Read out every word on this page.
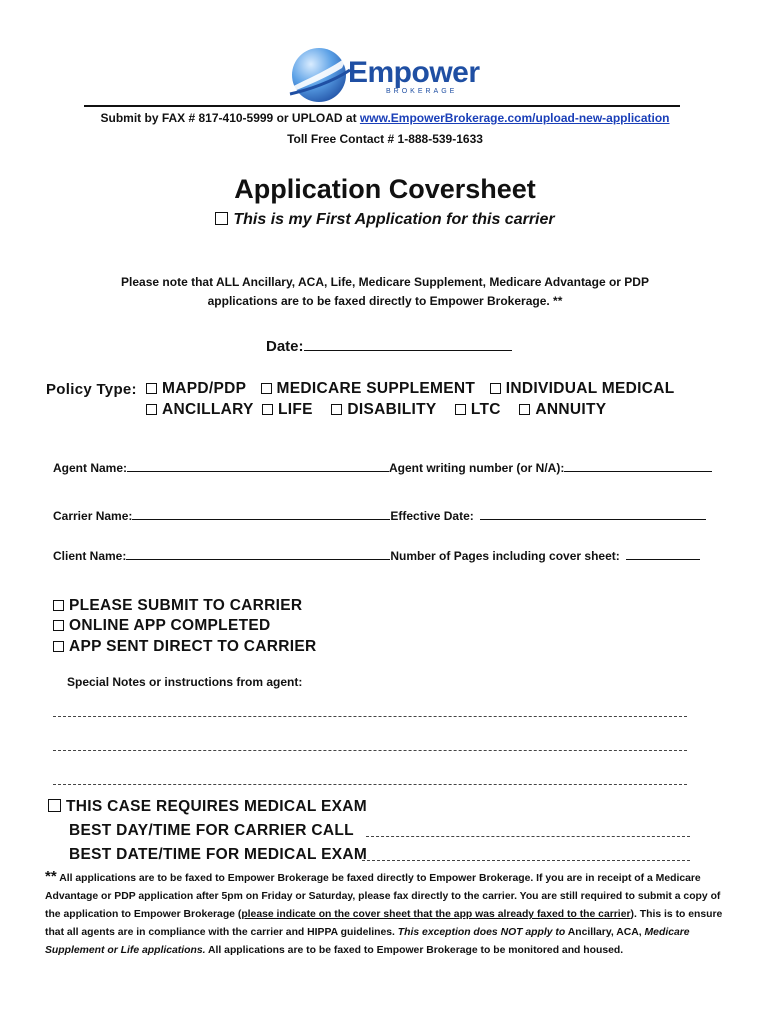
Empower
BROKERAGE
Submit by FAX # 817-410-5999 or UPLOAD at www.EmpowerBrokerage.com/upload-new-application
Toll Free Contact # 1-888-539-1633
Application Coversheet
This is my First Application for this carrier
Please note that ALL Ancillary, ACA, Life, Medicare Supplement, Medicare Advantage or PDP
applications are to be faxed directly to Empower Brokerage. **
Date:
Policy Type:	MAPD/PDP MEDICARE SUPPLEMENT INDIVIDUAL MEDICAL
ANCILLARY LIFE DISABILITY LTC ANNUITY
Agent Name:	Agent writing number (or N/A):
Carrier Name:	Effective Date:
Client Name:	Number of Pages including cover sheet:
PLEASE SUBMIT TO CARRIER
ONLINE APP COMPLETED
APP SENT DIRECT TO CARRIER
Special Notes or instructions from agent:
THIS CASE REQUIRES MEDICAL EXAM
BEST DAY/TIME FOR CARRIER CALL
BEST DATE/TIME FOR MEDICAL EXAM
** All applications are to be faxed to Empower Brokerage be faxed directly to Empower Brokerage. If you are in receipt of a Medicare Advantage or PDP application after 5pm on Friday or Saturday, please fax directly to the carrier. You are still required to submit a copy of the application to Empower Brokerage (please indicate on the cover sheet that the app was already faxed to the carrier). This is to ensure that all agents are in compliance with the carrier and HIPPA guidelines. This exception does NOT apply to Ancillary, ACA, Medicare Supplement or Life applications. All applications are to be faxed to Empower Brokerage to be monitored and housed.
